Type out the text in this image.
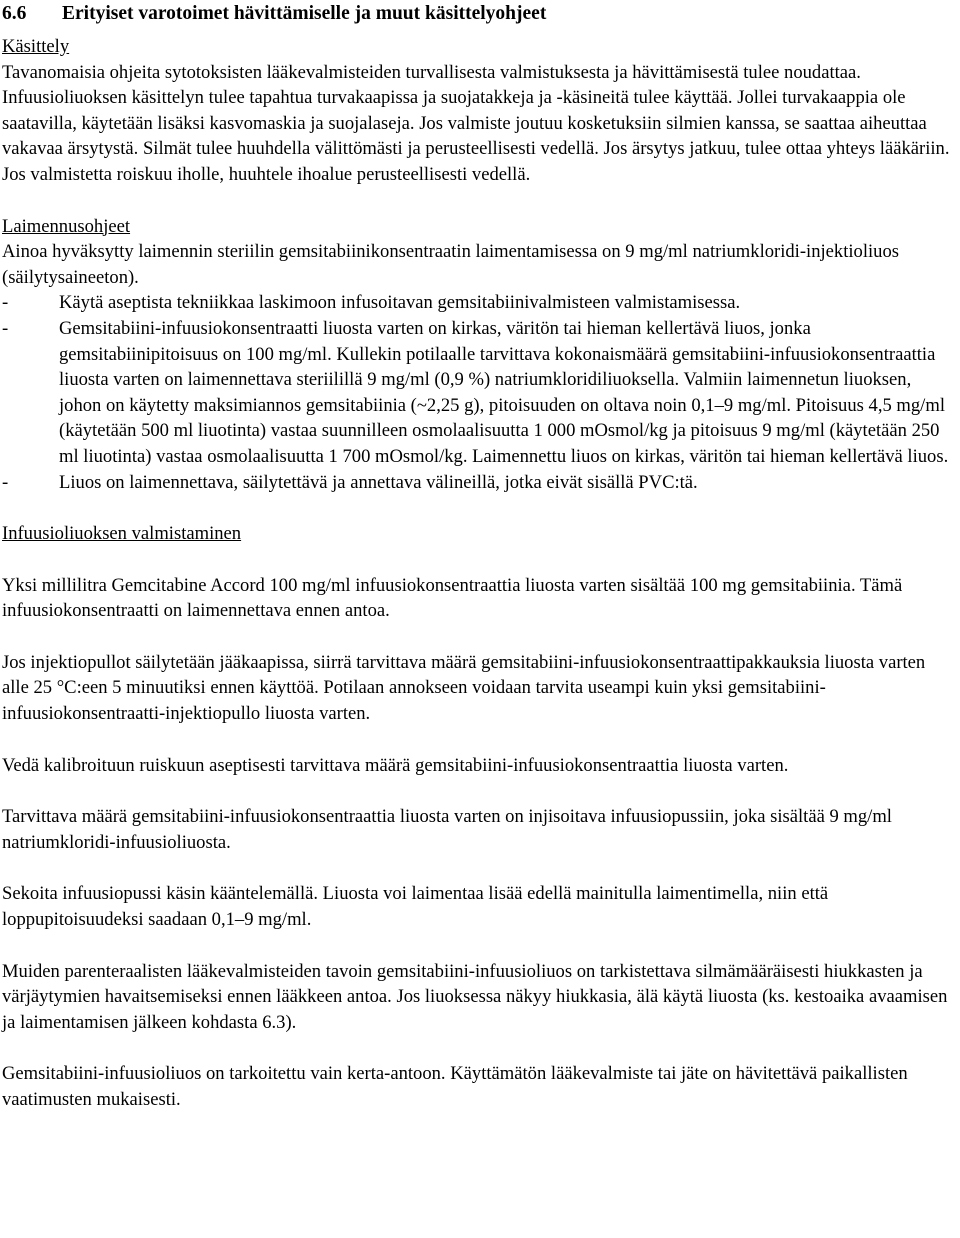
6.6	Erityiset varotoimet hävittämiselle ja muut käsittelyohjeet

Käsittely

Tavanomaisia ohjeita sytotoksisten lääkevalmisteiden turvallisesta valmistuksesta ja hävittämisestä tulee noudattaa. Infuusioliuoksen käsittelyn tulee tapahtua turvakaapissa ja suojatakkeja ja -käsineitä tulee käyttää. Jollei turvakaappia ole saatavilla, käytetään lisäksi kasvomaskia ja suojalaseja. Jos valmiste joutuu kosketuksiin silmien kanssa, se saattaa aiheuttaa vakavaa ärsytystä. Silmät tulee huuhdella välittömästi ja perusteellisesti vedellä. Jos ärsytys jatkuu, tulee ottaa yhteys lääkäriin. Jos valmistetta roiskuu iholle, huuhtele ihoalue perusteellisesti vedellä.

Laimennusohjeet

Ainoa hyväksytty laimennin steriilin gemsitabiinikonsentraatin laimentamisessa on 9 mg/ml natriumkloridi-injektioliuos (säilytysaineeton).

-	Käytä aseptista tekniikkaa laskimoon infusoitavan gemsitabiinivalmisteen valmistamisessa.
-	Gemsitabiini-infuusiokonsentraatti liuosta varten on kirkas, väritön tai hieman kellertävä liuos, jonka gemsitabiinipitoisuus on 100 mg/ml. Kullekin potilaalle tarvittava kokonaismäärä gemsitabiini-infuusiokonsentraattia liuosta varten on laimennettava steriilillä 9 mg/ml (0,9 %) natriumkloridiliuoksella. Valmiin laimennetun liuoksen, johon on käytetty maksimiannos gemsitabiinia (~2,25 g), pitoisuuden on oltava noin 0,1–9 mg/ml. Pitoisuus 4,5 mg/ml (käytetään 500 ml liuotinta) vastaa suunnilleen osmolaalisuutta 1 000 mOsmol/kg ja pitoisuus 9 mg/ml (käytetään 250 ml liuotinta) vastaa osmolaalisuutta 1 700 mOsmol/kg. Laimennettu liuos on kirkas, väritön tai hieman kellertävä liuos.
-	Liuos on laimennettava, säilytettävä ja annettava välineillä, jotka eivät sisällä PVC:tä.

Infuusioliuoksen valmistaminen

Yksi millilitra Gemcitabine Accord 100 mg/ml infuusiokonsentraattia liuosta varten sisältää 100 mg gemsitabiinia. Tämä infuusiokonsentraatti on laimennettava ennen antoa.

Jos injektiopullot säilytetään jääkaapissa, siirrä tarvittava määrä gemsitabiini-infuusiokonsentraattipakkauksia liuosta varten alle 25 °C:een 5 minuutiksi ennen käyttöä. Potilaan annokseen voidaan tarvita useampi kuin yksi gemsitabiini-infuusiokonsentraatti-injektiopullo liuosta varten.

Vedä kalibroituun ruiskuun aseptisesti tarvittava määrä gemsitabiini-infuusiokonsentraattia liuosta varten.

Tarvittava määrä gemsitabiini-infuusiokonsentraattia liuosta varten on injisoitava infuusiopussiin, joka sisältää 9 mg/ml natriumkloridi-infuusioliuosta.

Sekoita infuusiopussi käsin kääntelemällä. Liuosta voi laimentaa lisää edellä mainitulla laimentimella, niin että loppupitoisuudeksi saadaan 0,1–9 mg/ml.

Muiden parenteraalisten lääkevalmisteiden tavoin gemsitabiini-infuusioliuos on tarkistettava silmämääräisesti hiukkasten ja värjäytymien havaitsemiseksi ennen lääkkeen antoa. Jos liuoksessa näkyy hiukkasia, älä käytä liuosta (ks. kestoaika avaamisen ja laimentamisen jälkeen kohdasta 6.3).

Gemsitabiini-infuusioliuos on tarkoitettu vain kerta-antoon. Käyttämätön lääkevalmiste tai jäte on hävitettävä paikallisten vaatimusten mukaisesti.
